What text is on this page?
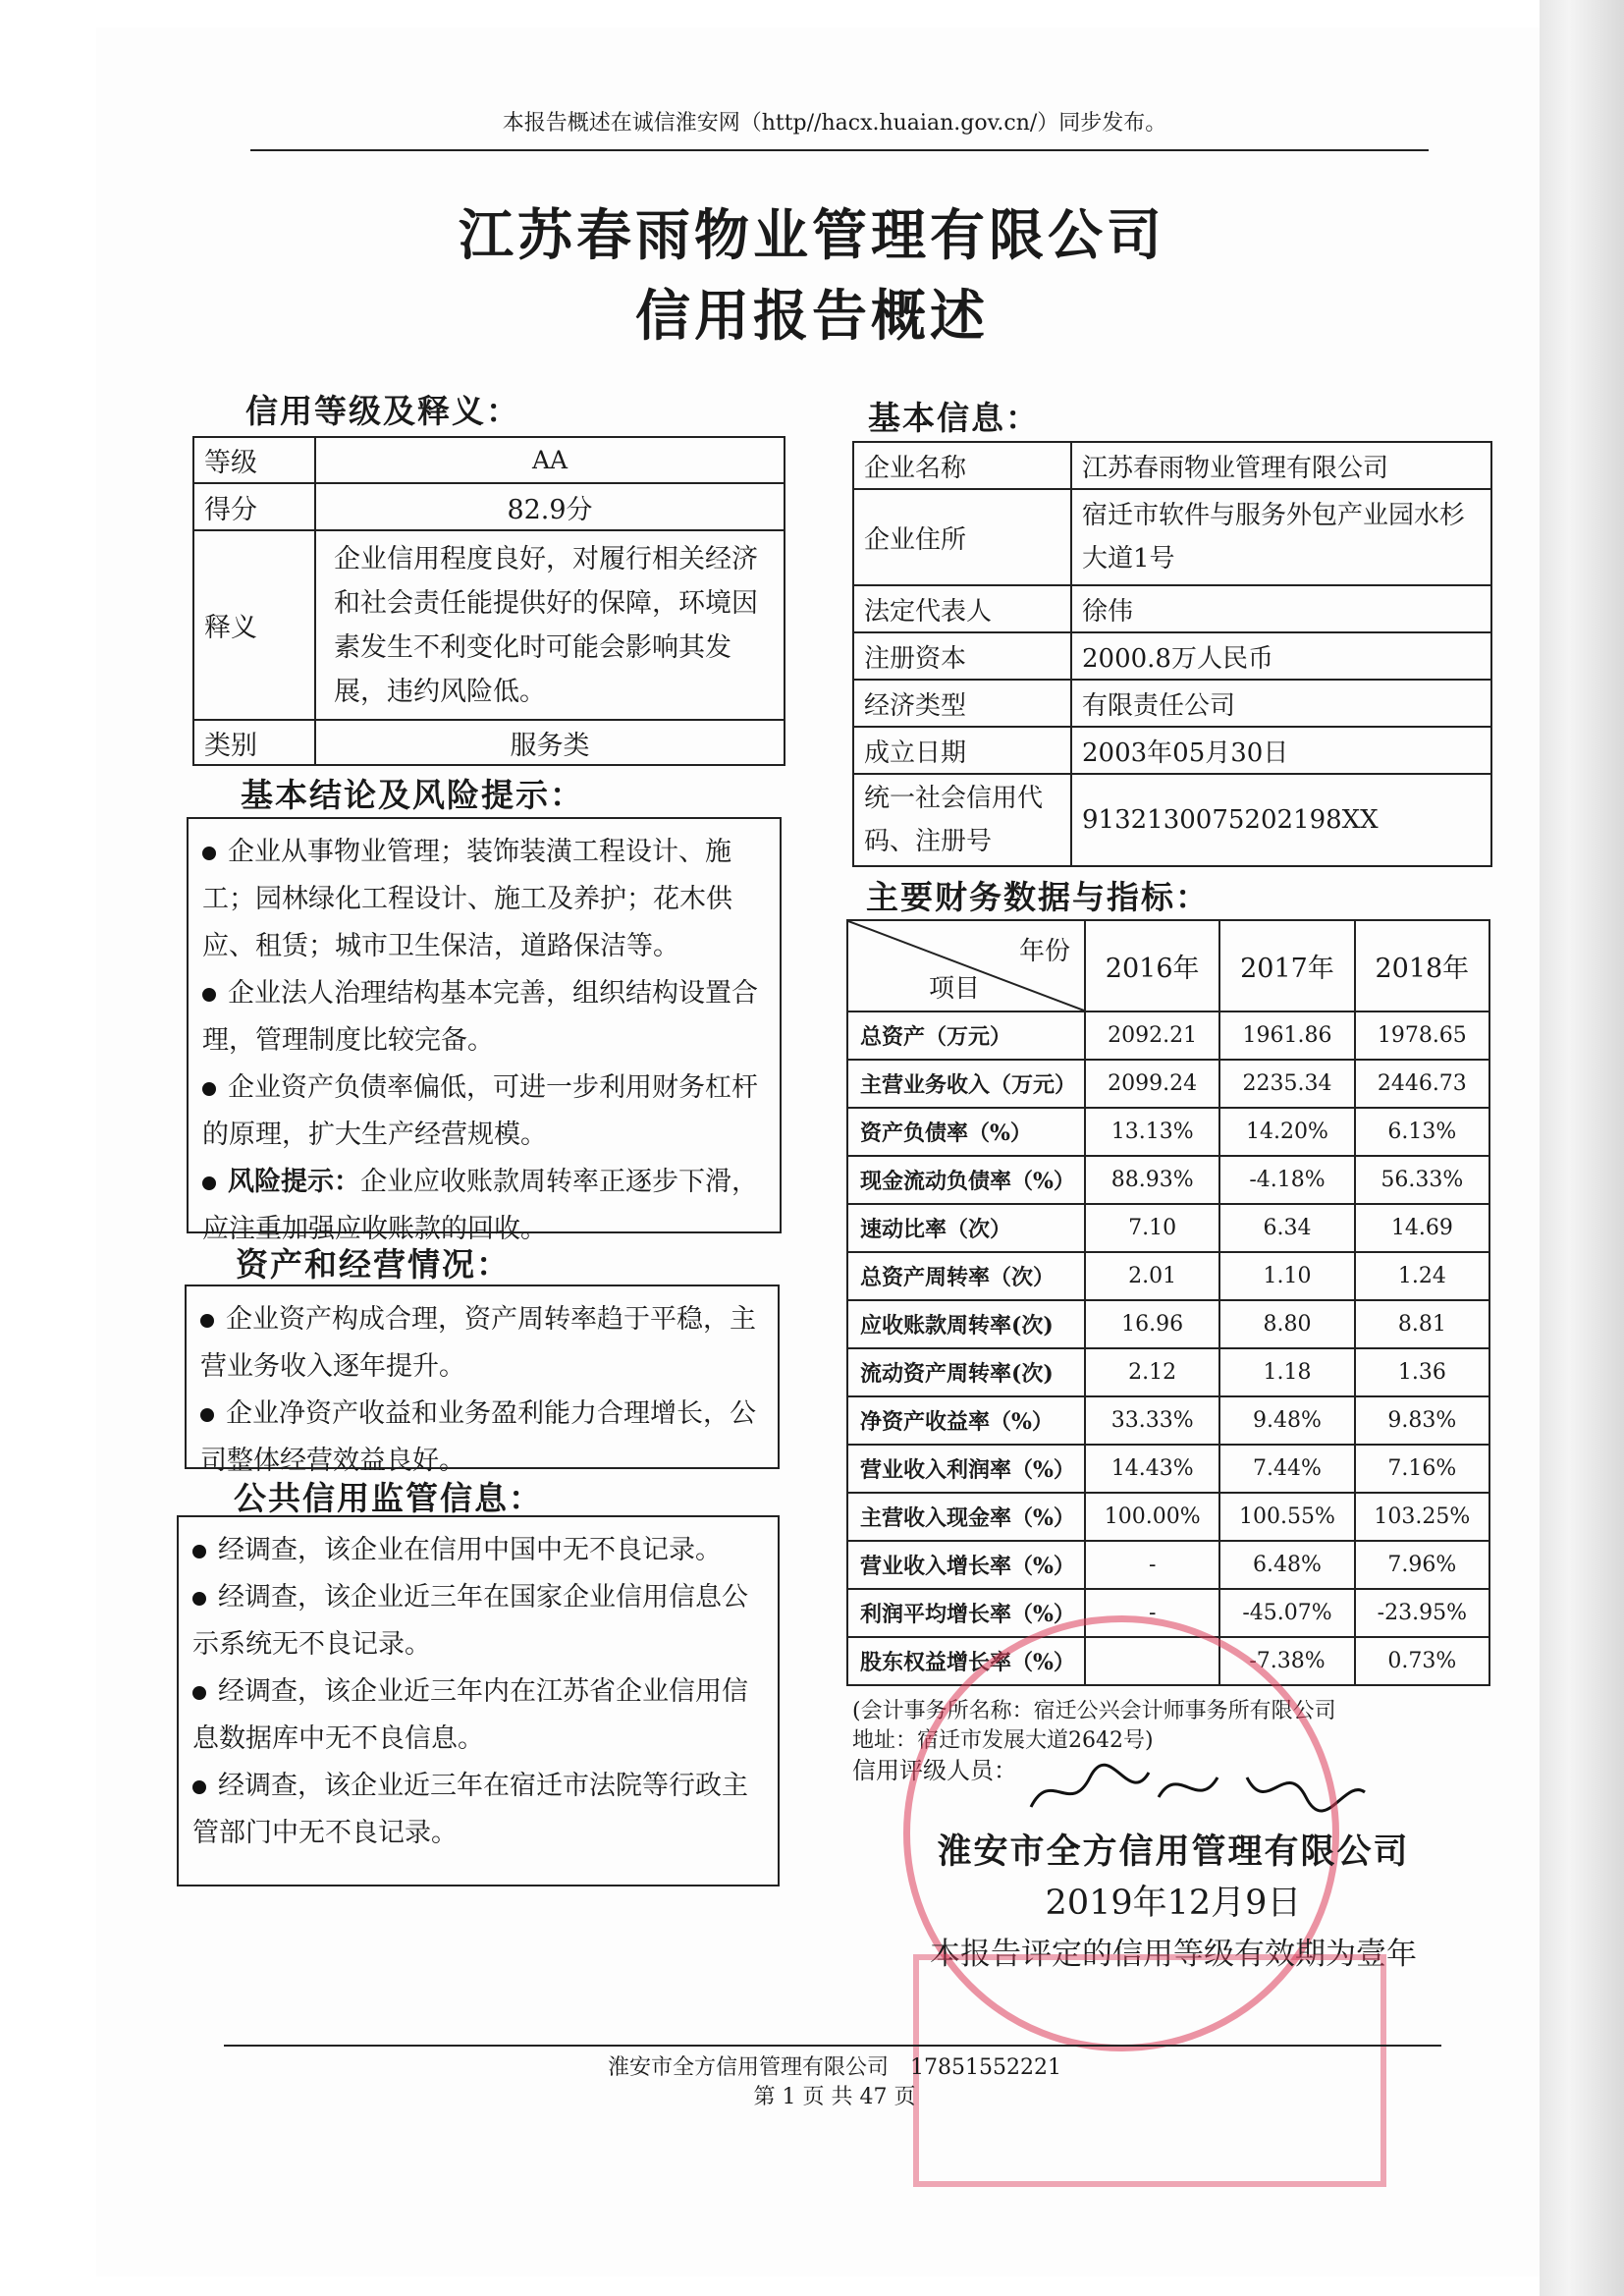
本报告概述在诚信淮安网（http//hacx.huaian.gov.cn/）同步发布。
江苏春雨物业管理有限公司
信用报告概述
信用等级及释义：
等级	AA
得分	82.9分
释义	企业信用程度良好，对履行相关经济和社会责任能提供好的保障，环境因素发生不利变化时可能会影响其发展，违约风险低。
类别	服务类
基本结论及风险提示：

企业从事物业管理；装饰装潢工程设计、施工；园林绿化工程设计、施工及养护；花木供应、租赁；城市卫生保洁，道路保洁等。

企业法人治理结构基本完善，组织结构设置合理，管理制度比较完备。

企业资产负债率偏低，可进一步利用财务杠杆的原理，扩大生产经营规模。

风险提示：企业应收账款周转率正逐步下滑，应注重加强应收账款的回收。

资产和经营情况：

企业资产构成合理，资产周转率趋于平稳，主营业务收入逐年提升。

企业净资产收益和业务盈利能力合理增长，公司整体经营效益良好。

公共信用监管信息：

经调查，该企业在信用中国中无不良记录。

经调查，该企业近三年在国家企业信用信息公示系统无不良记录。

经调查，该企业近三年内在江苏省企业信用信息数据库中无不良信息。

经调查，该企业近三年在宿迁市法院等行政主管部门中无不良记录。

基本信息：
企业名称	江苏春雨物业管理有限公司
企业住所	宿迁市软件与服务外包产业园水杉大道1号
法定代表人	徐伟
注册资本	2000.8万人民币
经济类型	有限责任公司
成立日期	2003年05月30日
统一社会信用代码、注册号	9132130075202198XX
主要财务数据与指标：
年份
项目	2016年	2017年	2018年
总资产（万元）	2092.21	1961.86	1978.65
主营业务收入（万元）	2099.24	2235.34	2446.73
资产负债率（%）	13.13%	14.20%	6.13%
现金流动负债率（%）	88.93%	-4.18%	56.33%
速动比率（次）	7.10	6.34	14.69
总资产周转率（次）	2.01	1.10	1.24
应收账款周转率(次)	16.96	8.80	8.81
流动资产周转率(次)	2.12	1.18	1.36
净资产收益率（%）	33.33%	9.48%	9.83%
营业收入利润率（%）	14.43%	7.44%	7.16%
主营收入现金率（%）	100.00%	100.55%	103.25%
营业收入增长率（%）	-	6.48%	7.96%
利润平均增长率（%）	-	-45.07%	-23.95%
股东权益增长率（%）		-7.38%	0.73%
(会计事务所名称：宿迁公兴会计师事务所有限公司
地址：宿迁市发展大道2642号)
信用评级人员：
淮安市全方信用管理有限公司
2019年12月9日
本报告评定的信用等级有效期为壹年
淮安市全方信用管理有限公司　17851552221
第 1 页 共 47 页
